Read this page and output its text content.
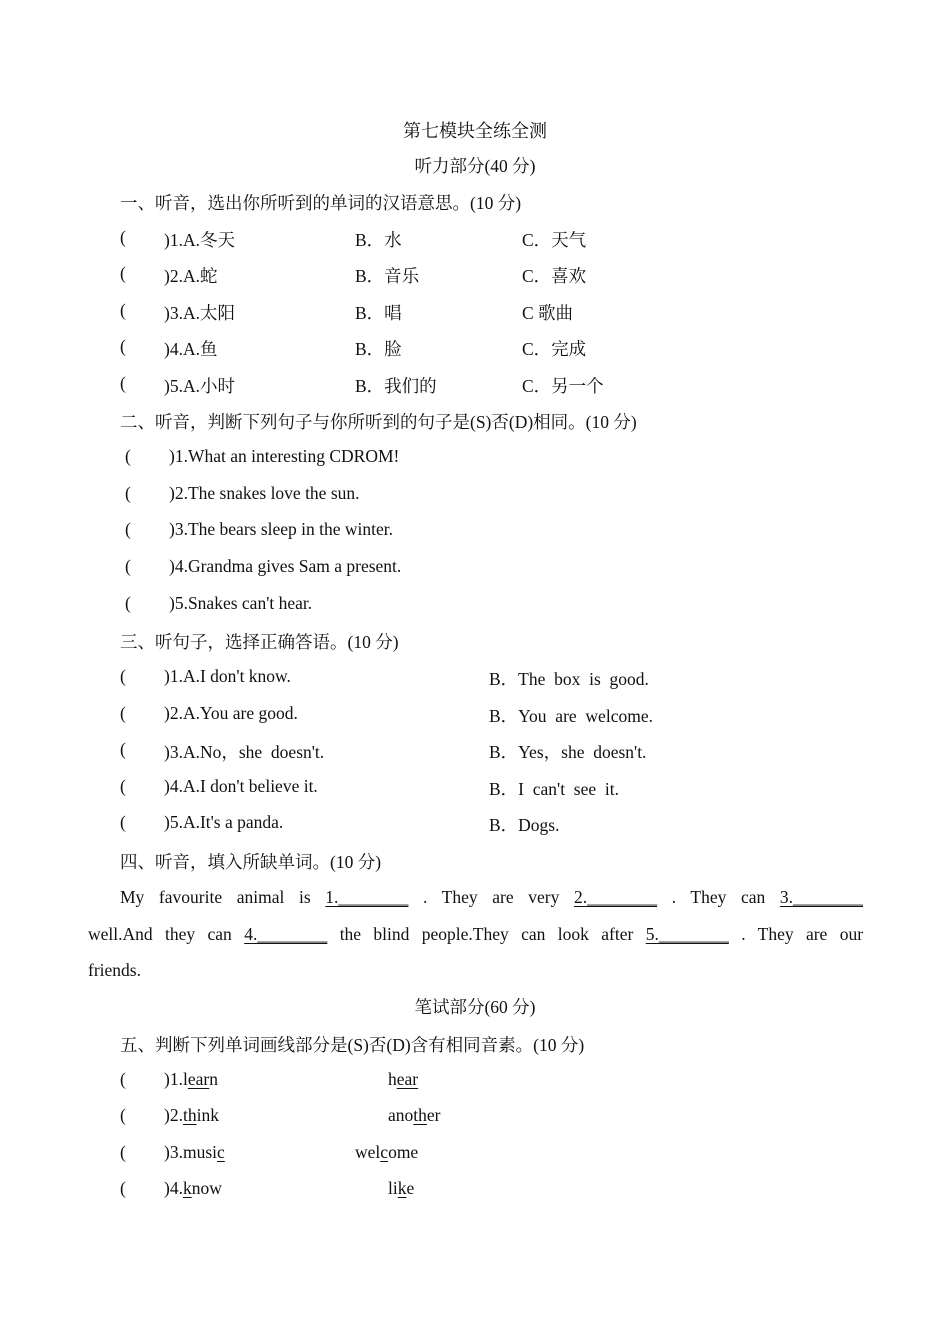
第七模块全练全测
听力部分(40 分)
一、听音，选出你所听到的单词的汉语意思。(10 分)
( )1.A.冬天	B．水	C．天气
( )2.A.蛇	B．音乐	C．喜欢
( )3.A.太阳	B．唱	C 歌曲
( )4.A.鱼	B．脸	C．完成
( )5.A.小时	B．我们的	C．另一个
二、听音，判断下列句子与你所听到的句子是(S)否(D)相同。(10 分)
( )1.What an interesting CDROM!
( )2.The snakes love the sun.
( )3.The bears sleep in the winter.
( )4.Grandma gives Sam a present.
( )5.Snakes can't hear.
三、听句子，选择正确答语。(10 分)
( )1.A.I don't know.	B．The  box  is  good.
( )2.A.You are good.	B．You  are  welcome.
( )3.A.No，she  doesn't.	B．Yes，she  doesn't.
( )4.A.I don't believe it.	B．I  can't  see  it.
( )5.A.It's a panda.	B．Dogs.
四、听音，填入所缺单词。(10 分)
My favourite animal is 1.________ . They are very 2.________ . They can 3.________
well.And they can 4.________ the blind people.They can look after 5.________ . They are our
friends.
笔试部分(60 分)
五、判断下列单词画线部分是(S)否(D)含有相同音素。(10 分)
( )1.learn	hear
( )2.think	another
( )3.music	welcome
( )4.know	like
